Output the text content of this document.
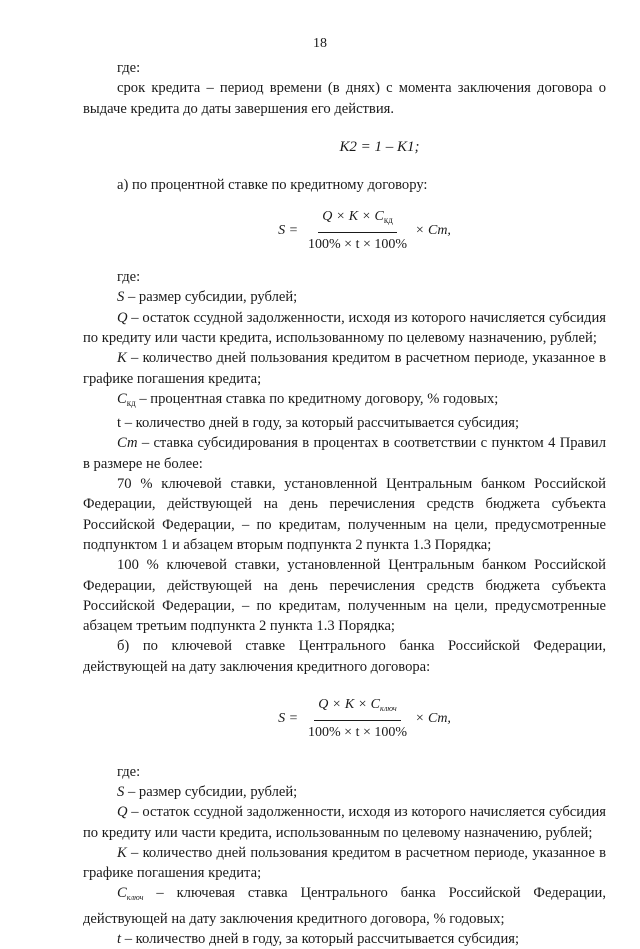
18

где:

срок кредита – период времени (в днях) с момента заключения договора о выдаче кредита до даты завершения его действия.

К2 = 1 – К1;

а) по процентной ставке по кредитному договору:

$S = \frac{Q \times K \times C_{кд}}{100\% \times t \times 100\%} \times Cm$,

где:

S – размер субсидии, рублей;

Q – остаток ссудной задолженности, исходя из которого начисляется субсидия по кредиту или части кредита, использованному по целевому назначению, рублей;

К – количество дней пользования кредитом в расчетном периоде, указанное в графике погашения кредита;

$С_{кд}$ – процентная ставка по кредитному договору, % годовых;

t – количество дней в году, за который рассчитывается субсидия;

Ст – ставка субсидирования в процентах в соответствии с пунктом 4 Правил в размере не более:

70 % ключевой ставки, установленной Центральным банком Российской Федерации, действующей на день перечисления средств бюджета субъекта Российской Федерации, – по кредитам, полученным на цели, предусмотренные подпунктом 1 и абзацем вторым подпункта 2 пункта 1.3 Порядка;

100 % ключевой ставки, установленной Центральным банком Российской Федерации, действующей на день перечисления средств бюджета субъекта Российской Федерации, – по кредитам, полученным на цели, предусмотренные абзацем третьим подпункта 2 пункта 1.3 Порядка;

б) по ключевой ставке Центрального банка Российской Федерации, действующей на дату заключения кредитного договора:

$S = \frac{Q \times K \times C_{ключ}}{100\% \times t \times 100\%} \times Cm$,

где:

S – размер субсидии, рублей;

Q – остаток ссудной задолженности, исходя из которого начисляется субсидия по кредиту или части кредита, использованным по целевому назначению, рублей;

К – количество дней пользования кредитом в расчетном периоде, указанное в графике погашения кредита;

$С_{ключ}$ – ключевая ставка Центрального банка Российской Федерации, действующей на дату заключения кредитного договора, % годовых;

t – количество дней в году, за который рассчитывается субсидия;
